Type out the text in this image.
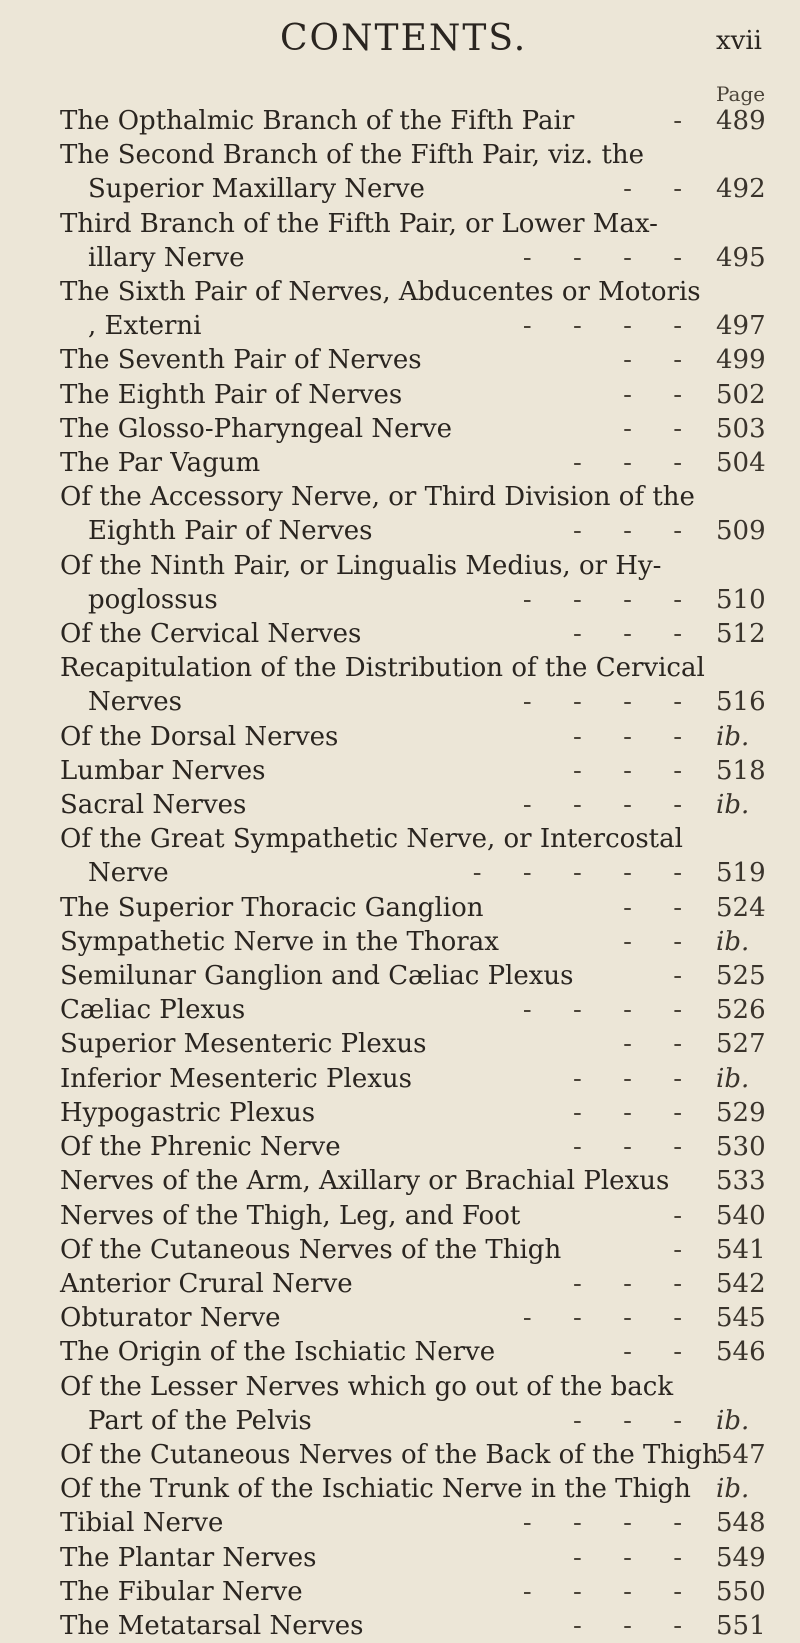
CONTENTS.	xvii
Page
The Opthalmic Branch of the Fifth Pair	- 489
The Second Branch of the Fifth Pair, viz. the
Superior Maxillary Nerve	-     - 492
Third Branch of the Fifth Pair, or Lower Max-
illary Nerve	-     -     -     - 495
The Sixth Pair of Nerves, Abducentes or Motoris
, Externi	-     -     -     - 497
The Seventh Pair of Nerves	-     - 499
The Eighth Pair of Nerves	-     - 502
The Glosso-Pharyngeal Nerve	-     - 503
The Par Vagum	-     -     - 504
Of the Accessory Nerve, or Third Division of the
Eighth Pair of Nerves	-     -     - 509
Of the Ninth Pair, or Lingualis Medius, or Hy-
poglossus	-     -     -     - 510
Of the Cervical Nerves	-     -     - 512
Recapitulation of the Distribution of the Cervical
Nerves	-     -     -     - 516
Of the Dorsal Nerves	-     -     - ib.
Lumbar Nerves	-     -     - 518
Sacral Nerves	-     -     -     - ib.
Of the Great Sympathetic Nerve, or Intercostal
Nerve	-     -     -     -     - 519
The Superior Thoracic Ganglion	-     - 524
Sympathetic Nerve in the Thorax	-     - ib.
Semilunar Ganglion and Cæliac Plexus	- 525
Cæliac Plexus	-     -     -     - 526
Superior Mesenteric Plexus	-     - 527
Inferior Mesenteric Plexus	-     -     - ib.
Hypogastric Plexus	-     -     - 529
Of the Phrenic Nerve	-     -     - 530
Nerves of the Arm, Axillary or Brachial Plexus	533
Nerves of the Thigh, Leg, and Foot	- 540
Of the Cutaneous Nerves of the Thigh	- 541
Anterior Crural Nerve	-     -     - 542
Obturator Nerve	-     -     -     - 545
The Origin of the Ischiatic Nerve	-     - 546
Of the Lesser Nerves which go out of the back
Part of the Pelvis	-     -     - ib.
Of the Cutaneous Nerves of the Back of the Thigh
547
Of the Trunk of the Ischiatic Nerve in the Thigh ib.
Tibial Nerve	-     -     -     - 548
The Plantar Nerves	-     -     - 549
The Fibular Nerve	-     -     -     - 550
The Metatarsal Nerves	-     -     - 551
